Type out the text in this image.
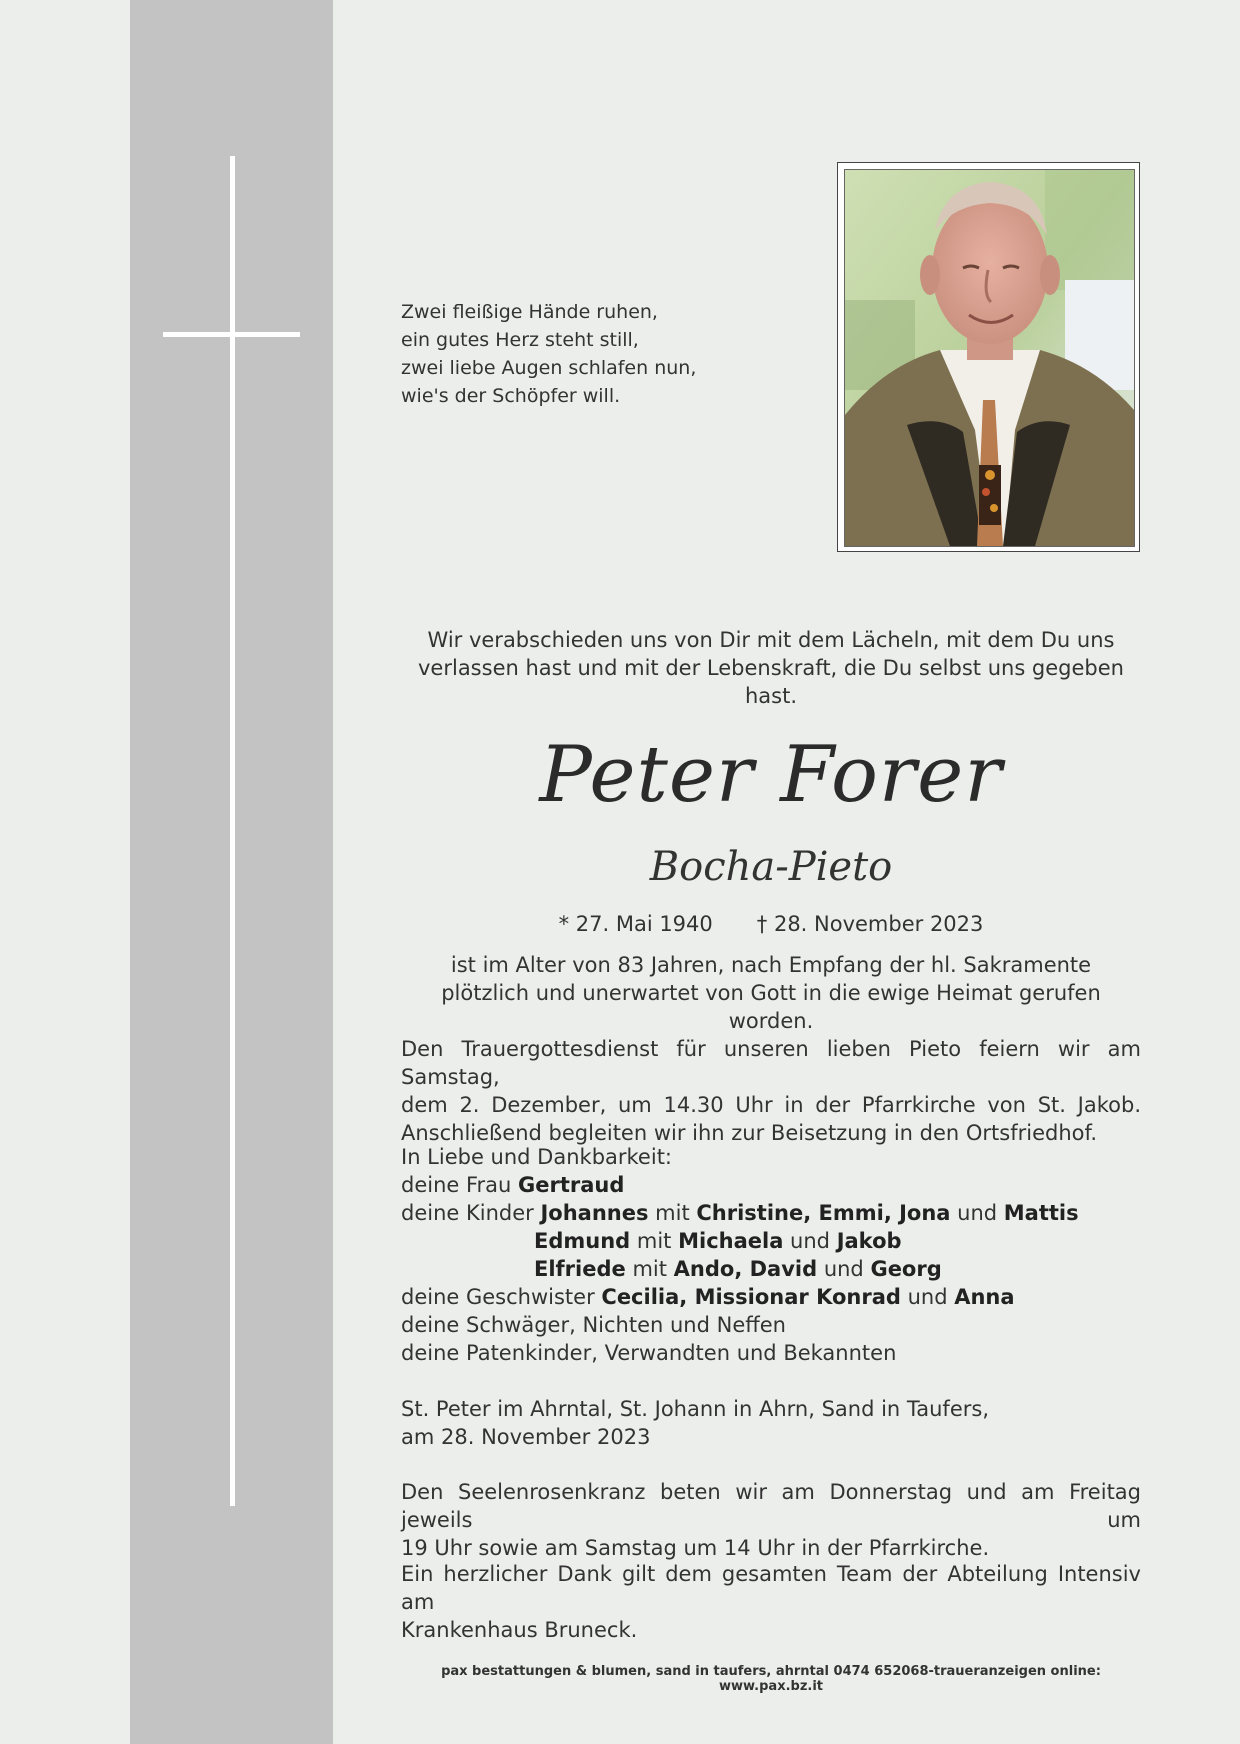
Zwei fleißige Hände ruhen,
ein gutes Herz steht still,
zwei liebe Augen schlafen nun,
wie's der Schöpfer will.
Wir verabschieden uns von Dir mit dem Lächeln, mit dem Du uns
verlassen hast und mit der Lebenskraft, die Du selbst uns gegeben hast.
Peter Forer
Bocha-Pieto
* 27. Mai 1940 † 28. November 2023
ist im Alter von 83 Jahren, nach Empfang der hl. Sakramente
plötzlich und unerwartet von Gott in die ewige Heimat gerufen worden.
Den Trauergottesdienst für unseren lieben Pieto feiern wir am Samstag,
dem 2. Dezember, um 14.30 Uhr in der Pfarrkirche von St. Jakob.
Anschließend begleiten wir ihn zur Beisetzung in den Ortsfriedhof.
In Liebe und Dankbarkeit:
deine Frau Gertraud
deine Kinder Johannes mit Christine, Emmi, Jona und Mattis
Edmund mit Michaela und Jakob
Elfriede mit Ando, David und Georg
deine Geschwister Cecilia, Missionar Konrad und Anna
deine Schwäger, Nichten und Neffen
deine Patenkinder, Verwandten und Bekannten
St. Peter im Ahrntal, St. Johann in Ahrn, Sand in Taufers,
am 28. November 2023
Den Seelenrosenkranz beten wir am Donnerstag und am Freitag jeweils um
19 Uhr sowie am Samstag um 14 Uhr in der Pfarrkirche.
Ein herzlicher Dank gilt dem gesamten Team der Abteilung Intensiv am
Krankenhaus Bruneck.
pax bestattungen & blumen, sand in taufers, ahrntal 0474 652068-traueranzeigen online: www.pax.bz.it
